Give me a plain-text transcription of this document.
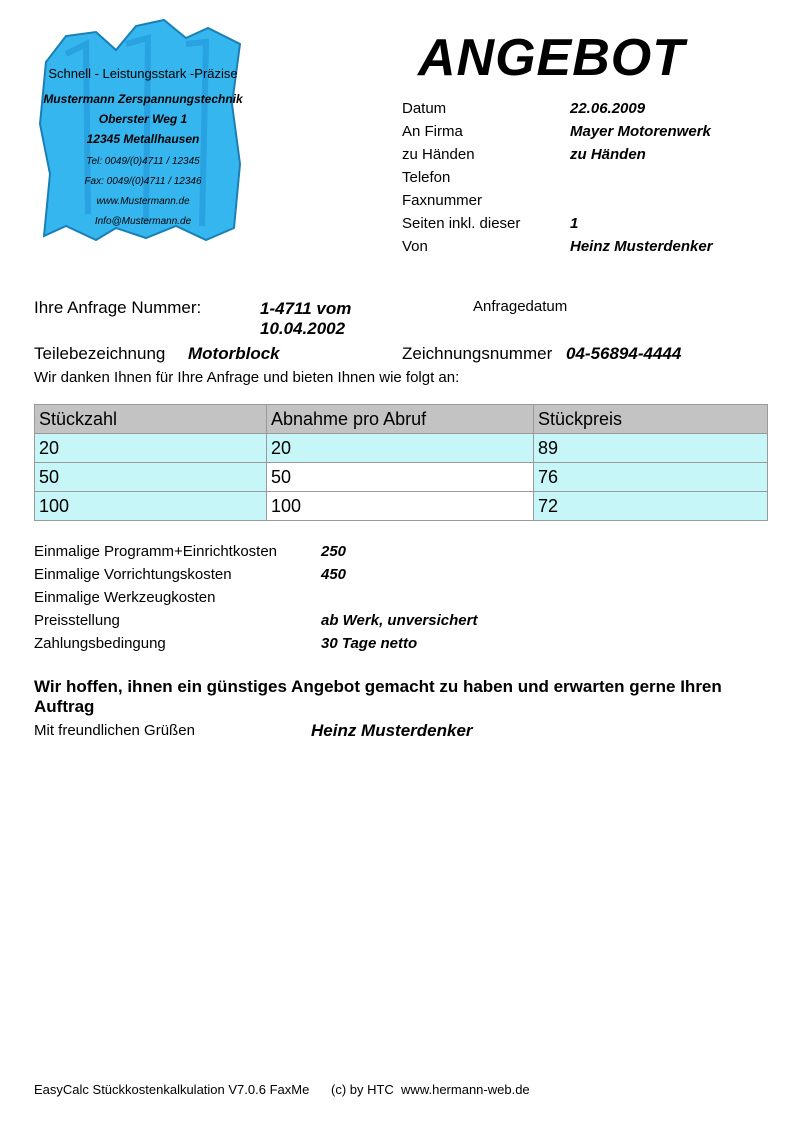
Schnell - Leistungsstark -Präzise
Mustermann Zerspannungstechnik
Oberster Weg 1
12345 Metallhausen
Tel: 0049/(0)4711 / 12345
Fax: 0049/(0)4711 / 12346
www.Mustermann.de
Info@Mustermann.de
ANGEBOT
Datum	22.06.2009
An Firma	Mayer Motorenwerk
zu Händen	zu Händen
Telefon
Faxnummer
Seiten inkl. dieser	1
Von	Heinz Musterdenker
Ihre Anfrage Nummer:	1-4711 vom
10.04.2002
Anfragedatum
Teilebezeichnung Motorblock	Zeichnungsnummer 04-56894-4444
Wir danken Ihnen für Ihre Anfrage und bieten Ihnen wie folgt an:
Stückzahl	Abnahme pro Abruf	Stückpreis
20	20	89
50	50	76
100	100	72
Einmalige Programm+Einrichtkosten	250
Einmalige Vorrichtungskosten	450
Einmalige Werkzeugkosten
Preisstellung	ab Werk, unversichert
Zahlungsbedingung	30 Tage netto
Wir hoffen, ihnen ein günstiges Angebot gemacht zu haben und erwarten gerne Ihren Auftrag
Mit freundlichen Grüßen	Heinz Musterdenker
EasyCalc Stückkostenkalkulation V7.0.6 FaxMe (c) by HTC  www.hermann-web.de
